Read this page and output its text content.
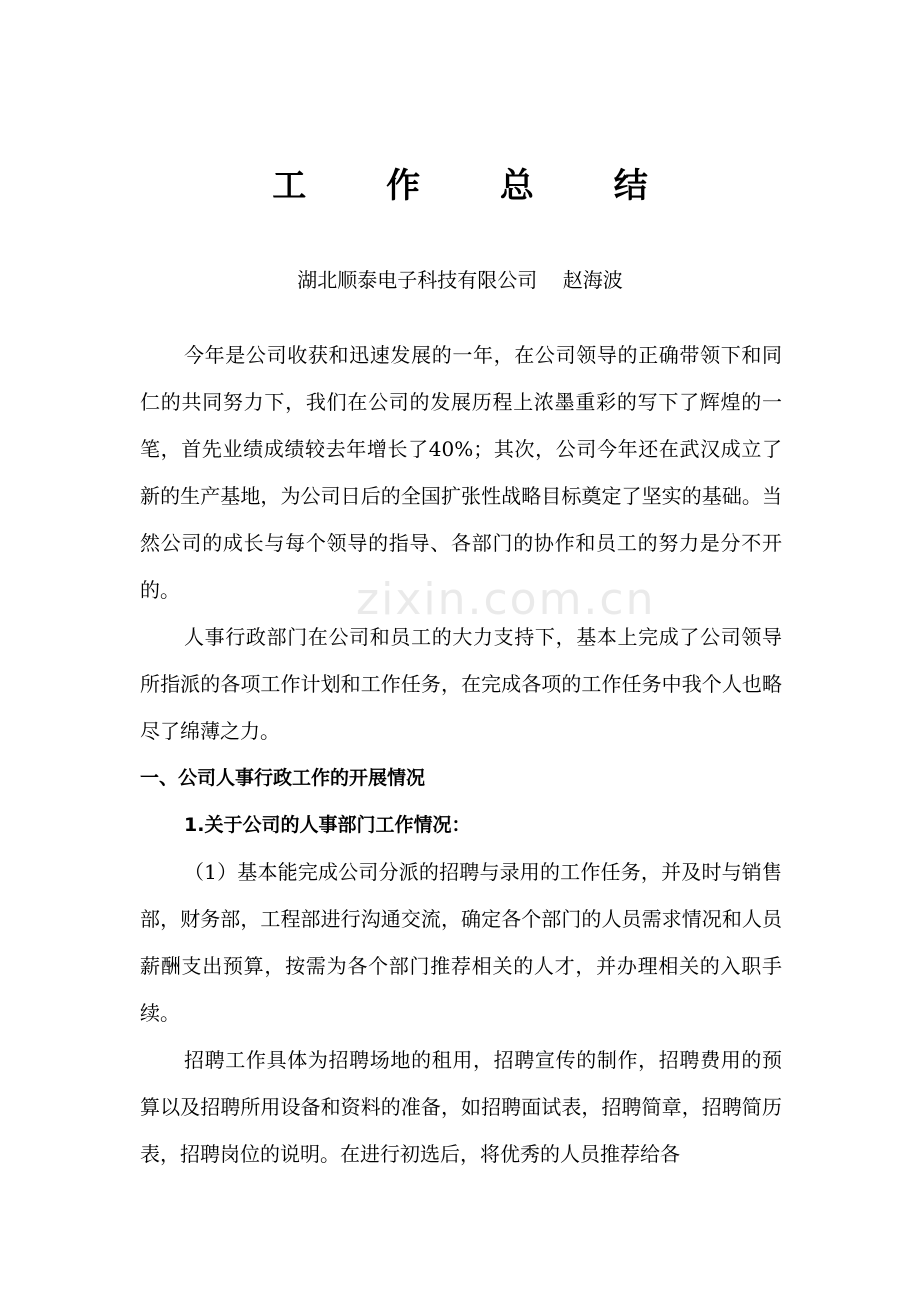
工 作 总 结

湖北顺泰电子科技有限公司    赵海波

今年是公司收获和迅速发展的一年，在公司领导的正确带领下和同仁的共同努力下，我们在公司的发展历程上浓墨重彩的写下了辉煌的一笔，首先业绩成绩较去年增长了40%；其次，公司今年还在武汉成立了新的生产基地，为公司日后的全国扩张性战略目标奠定了坚实的基础。当然公司的成长与每个领导的指导、各部门的协作和员工的努力是分不开的。

人事行政部门在公司和员工的大力支持下，基本上完成了公司领导所指派的各项工作计划和工作任务，在完成各项的工作任务中我个人也略尽了绵薄之力。

一、公司人事行政工作的开展情况

1.关于公司的人事部门工作情况：

（1）基本能完成公司分派的招聘与录用的工作任务，并及时与销售部，财务部，工程部进行沟通交流，确定各个部门的人员需求情况和人员薪酬支出预算，按需为各个部门推荐相关的人才，并办理相关的入职手续。

招聘工作具体为招聘场地的租用，招聘宣传的制作，招聘费用的预算以及招聘所用设备和资料的准备，如招聘面试表，招聘简章，招聘简历表，招聘岗位的说明。在进行初选后，将优秀的人员推荐给各

zixin.com.cn
